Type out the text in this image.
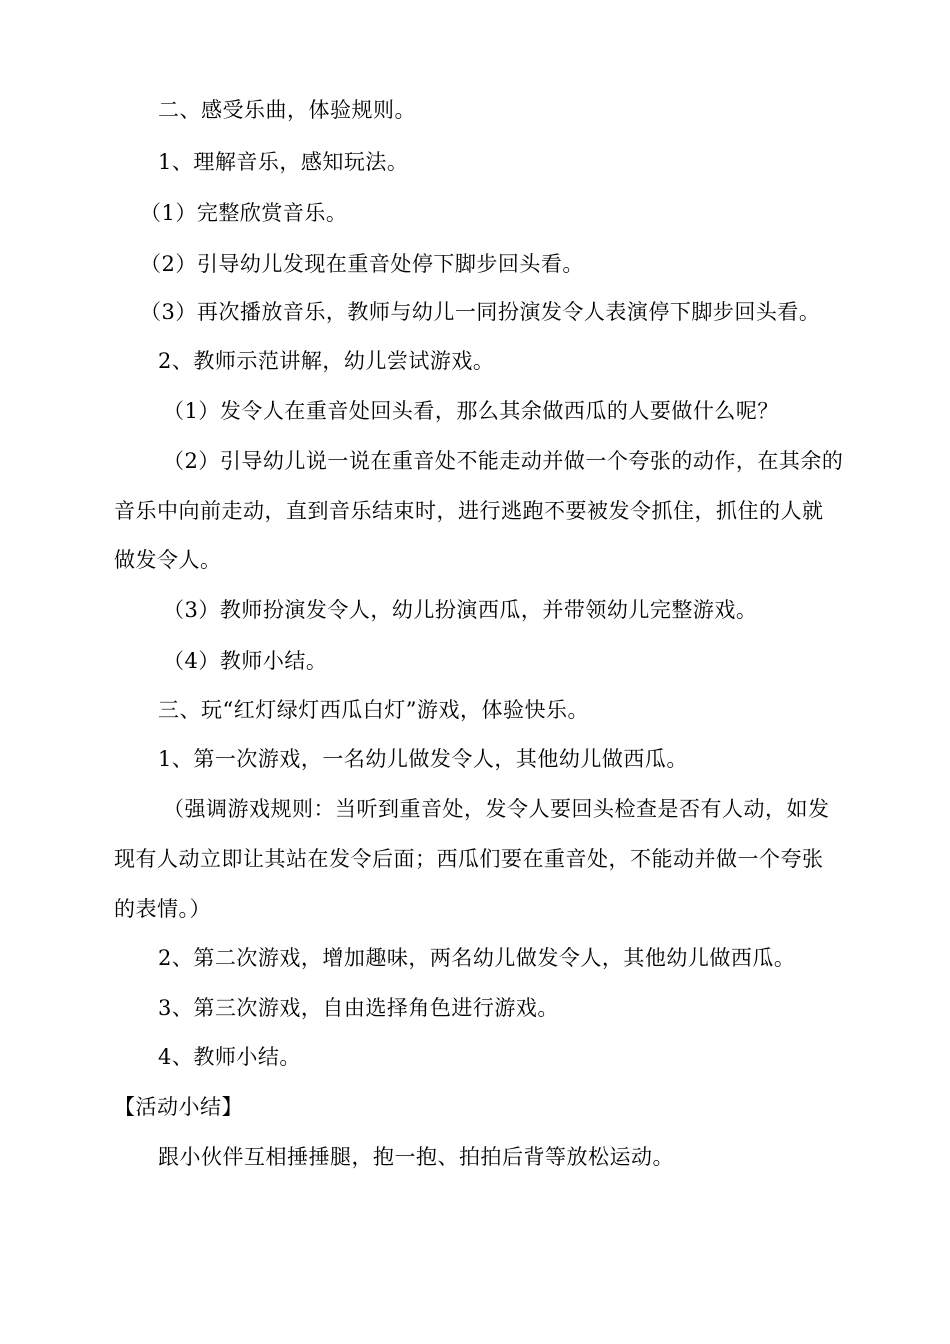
二、感受乐曲，体验规则。
1、理解音乐，感知玩法。
（1）完整欣赏音乐。
（2）引导幼儿发现在重音处停下脚步回头看。
（3）再次播放音乐，教师与幼儿一同扮演发令人表演停下脚步回头看。
2、教师示范讲解，幼儿尝试游戏。
（1）发令人在重音处回头看，那么其余做西瓜的人要做什么呢？
（2）引导幼儿说一说在重音处不能走动并做一个夸张的动作，在其余的
音乐中向前走动，直到音乐结束时，进行逃跑不要被发令抓住，抓住的人就
做发令人。
（3）教师扮演发令人，幼儿扮演西瓜，并带领幼儿完整游戏。
（4）教师小结。
三、玩“红灯绿灯西瓜白灯”游戏，体验快乐。
1、第一次游戏，一名幼儿做发令人，其他幼儿做西瓜。
（强调游戏规则：当听到重音处，发令人要回头检查是否有人动，如发
现有人动立即让其站在发令后面；西瓜们要在重音处，不能动并做一个夸张
的表情。）
2、第二次游戏，增加趣味，两名幼儿做发令人，其他幼儿做西瓜。
3、第三次游戏，自由选择角色进行游戏。
4、教师小结。
【活动小结】
跟小伙伴互相捶捶腿，抱一抱、拍拍后背等放松运动。
